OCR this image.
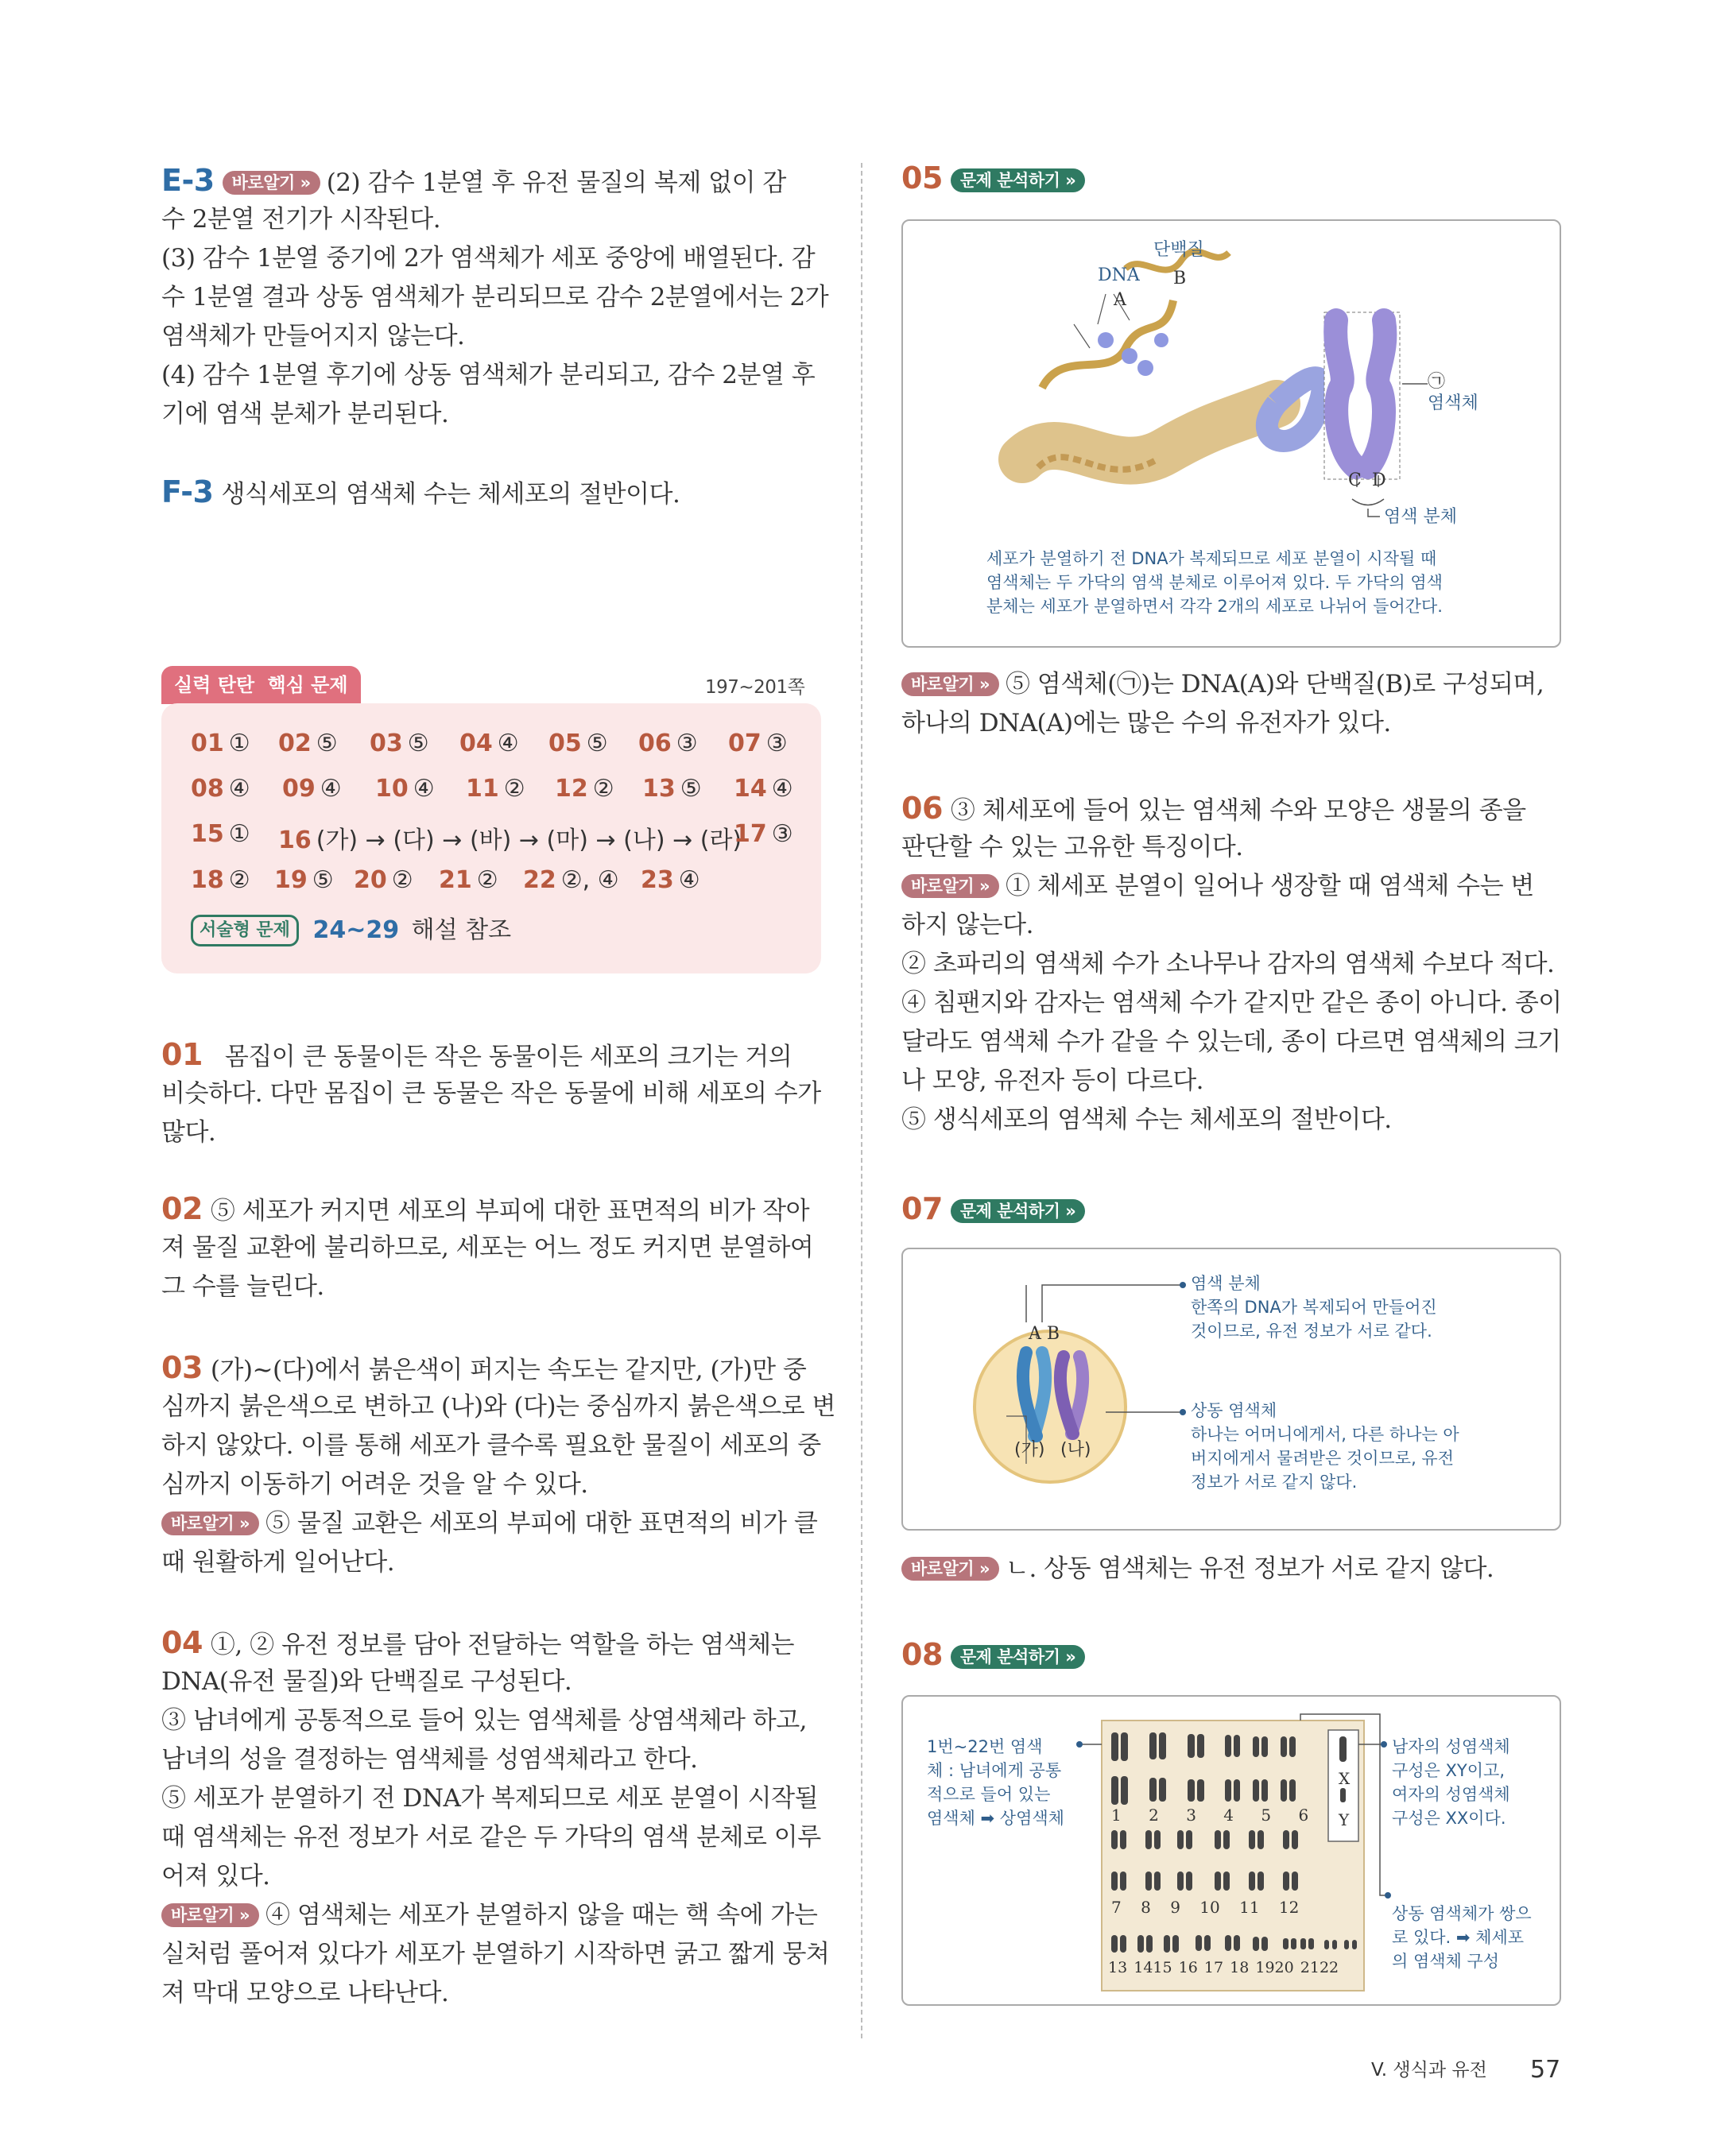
E-3 바로알기 » (2) 감수 1분열 후 유전 물질의 복제 없이 감
수 2분열 전기가 시작된다.
(3) 감수 1분열 중기에 2가 염색체가 세포 중앙에 배열된다. 감
수 1분열 결과 상동 염색체가 분리되므로 감수 2분열에서는 2가
염색체가 만들어지지 않는다.
(4) 감수 1분열 후기에 상동 염색체가 분리되고, 감수 2분열 후
기에 염색 분체가 분리된다.
F-3 생식세포의 염색체 수는 체세포의 절반이다.
실력 탄탄 핵심 문제	197~201쪽
01 ① 02 ⑤ 03 ⑤ 04 ④ 05 ⑤ 06 ③ 07 ③
08 ④ 09 ④ 10 ④ 11 ② 12 ② 13 ⑤ 14 ④
15 ① 16 (가) → (다) → (바) → (마) → (나) → (라)
17 ③
18 ② 19 ⑤ 20 ② 21 ② 22 ②, ④ 23 ④
서술형 문제 24~29 해설 참조
01 몸집이 큰 동물이든 작은 동물이든 세포의 크기는 거의
비슷하다. 다만 몸집이 큰 동물은 작은 동물에 비해 세포의 수가
많다.
02 ⑤ 세포가 커지면 세포의 부피에 대한 표면적의 비가 작아
져 물질 교환에 불리하므로, 세포는 어느 정도 커지면 분열하여
그 수를 늘린다.
03 (가)~(다)에서 붉은색이 퍼지는 속도는 같지만, (가)만 중
심까지 붉은색으로 변하고 (나)와 (다)는 중심까지 붉은색으로 변
하지 않았다. 이를 통해 세포가 클수록 필요한 물질이 세포의 중
심까지 이동하기 어려운 것을 알 수 있다.
바로알기 » ⑤ 물질 교환은 세포의 부피에 대한 표면적의 비가 클
때 원활하게 일어난다.
04 ①, ② 유전 정보를 담아 전달하는 역할을 하는 염색체는
DNA(유전 물질)와 단백질로 구성된다.
③ 남녀에게 공통적으로 들어 있는 염색체를 상염색체라 하고,
남녀의 성을 결정하는 염색체를 성염색체라고 한다.
⑤ 세포가 분열하기 전 DNA가 복제되므로 세포 분열이 시작될
때 염색체는 유전 정보가 서로 같은 두 가닥의 염색 분체로 이루
어져 있다.
바로알기 » ④ 염색체는 세포가 분열하지 않을 때는 핵 속에 가는
실처럼 풀어져 있다가 세포가 분열하기 시작하면 굵고 짧게 뭉쳐
져 막대 모양으로 나타난다.
05 문제 분석하기 »
단백질
DNA
A
B
㉠
염색체
C D
염색 분체
세포가 분열하기 전 DNA가 복제되므로 세포 분열이 시작될 때
염색체는 두 가닥의 염색 분체로 이루어져 있다. 두 가닥의 염색
분체는 세포가 분열하면서 각각 2개의 세포로 나뉘어 들어간다.
바로알기 » ⑤ 염색체(㉠)는 DNA(A)와 단백질(B)로 구성되며,
하나의 DNA(A)에는 많은 수의 유전자가 있다.
06 ③ 체세포에 들어 있는 염색체 수와 모양은 생물의 종을
판단할 수 있는 고유한 특징이다.
바로알기 » ① 체세포 분열이 일어나 생장할 때 염색체 수는 변
하지 않는다.
② 초파리의 염색체 수가 소나무나 감자의 염색체 수보다 적다.
④ 침팬지와 감자는 염색체 수가 같지만 같은 종이 아니다. 종이
달라도 염색체 수가 같을 수 있는데, 종이 다르면 염색체의 크기
나 모양, 유전자 등이 다르다.
⑤ 생식세포의 염색체 수는 체세포의 절반이다.
07 문제 분석하기 »
A B
(가) (나)
염색 분체
한쪽의 DNA가 복제되어 만들어진
것이므로, 유전 정보가 서로 같다.
상동 염색체
하나는 어머니에게서, 다른 하나는 아
버지에게서 물려받은 것이므로, 유전
정보가 서로 같지 않다.
바로알기 » ㄴ. 상동 염색체는 유전 정보가 서로 같지 않다.
08 문제 분석하기 »
X
Y
1 2 3 4 5 6
7 8 9 10 11 12
13 1415 16 17 18 1920 2122
1번~22번 염색
체 : 남녀에게 공통
적으로 들어 있는
염색체 ➡ 상염색체
남자의 성염색체
구성은 XY이고,
여자의 성염색체
구성은 XX이다.
상동 염색체가 쌍으
로 있다. ➡ 체세포
의 염색체 구성
V. 생식과 유전 57
